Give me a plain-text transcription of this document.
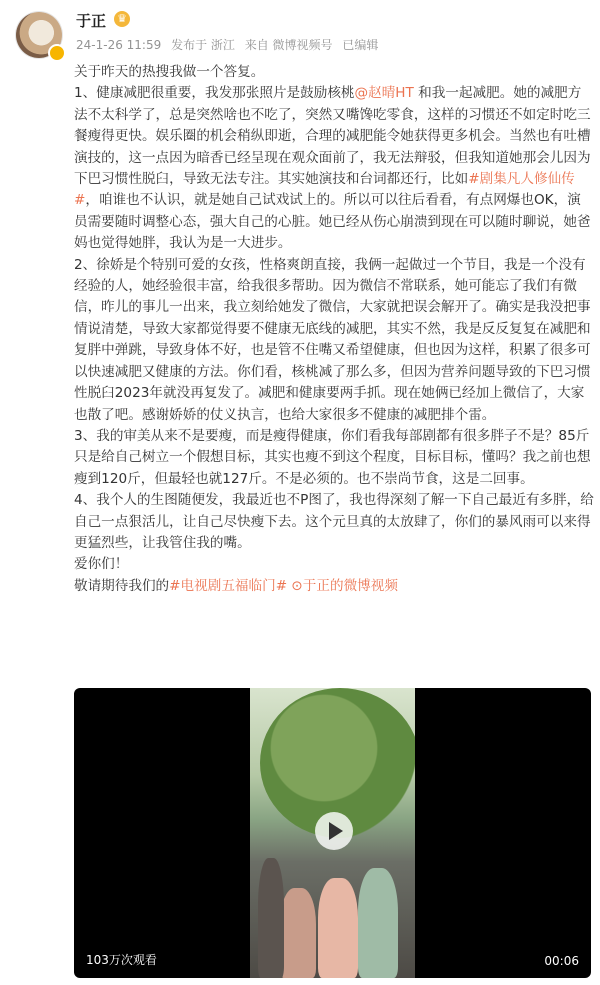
于正 ♛
24-1-26 11:59 发布于 浙江 来自 微博视频号 已编辑

关于昨天的热搜我做一个答复。

1、健康减肥很重要，我发那张照片是鼓励核桃@赵晴HT 和我一起减肥。她的减肥方法不太科学了，总是突然啥也不吃了，突然又嘴馋吃零食，这样的习惯还不如定时吃三餐瘦得更快。娱乐圈的机会稍纵即逝，合理的减肥能令她获得更多机会。当然也有吐槽演技的，这一点因为暗香已经呈现在观众面前了，我无法辩驳，但我知道她那会儿因为下巴习惯性脱臼，导致无法专注。其实她演技和台词都还行，比如#剧集凡人修仙传#，咱谁也不认识，就是她自己试戏试上的。所以可以往后看看，有点网爆也OK，演员需要随时调整心态，强大自己的心脏。她已经从伤心崩溃到现在可以随时聊说，她爸妈也觉得她胖，我认为是一大进步。

2、徐娇是个特别可爱的女孩，性格爽朗直接，我俩一起做过一个节目，我是一个没有经验的人，她经验很丰富，给我很多帮助。因为微信不常联系，她可能忘了我们有微信，昨儿的事儿一出来，我立刻给她发了微信，大家就把误会解开了。确实是我没把事情说清楚，导致大家都觉得要不健康无底线的减肥，其实不然，我是反反复复在减肥和复胖中弹跳，导致身体不好，也是管不住嘴又希望健康，但也因为这样，积累了很多可以快速减肥又健康的方法。你们看，核桃减了那么多，但因为营养问题导致的下巴习惯性脱臼2023年就没再复发了。减肥和健康要两手抓。现在她俩已经加上微信了，大家也散了吧。感谢娇娇的仗义执言，也给大家很多不健康的减肥排个雷。

3、我的审美从来不是要瘦，而是瘦得健康，你们看我每部剧都有很多胖子不是？85斤只是给自己树立一个假想目标，其实也瘦不到这个程度，目标目标，懂吗？我之前也想瘦到120斤，但最轻也就127斤。不是必须的。也不崇尚节食，这是二回事。

4、我个人的生图随便发，我最近也不P图了，我也得深刻了解一下自己最近有多胖，给自己一点狠活儿，让自己尽快瘦下去。这个元旦真的太放肆了，你们的暴风雨可以来得更猛烈些，让我管住我的嘴。

爱你们！

敬请期待我们的#电视剧五福临门# ⊙于正的微博视频

103万次观看	00:06
